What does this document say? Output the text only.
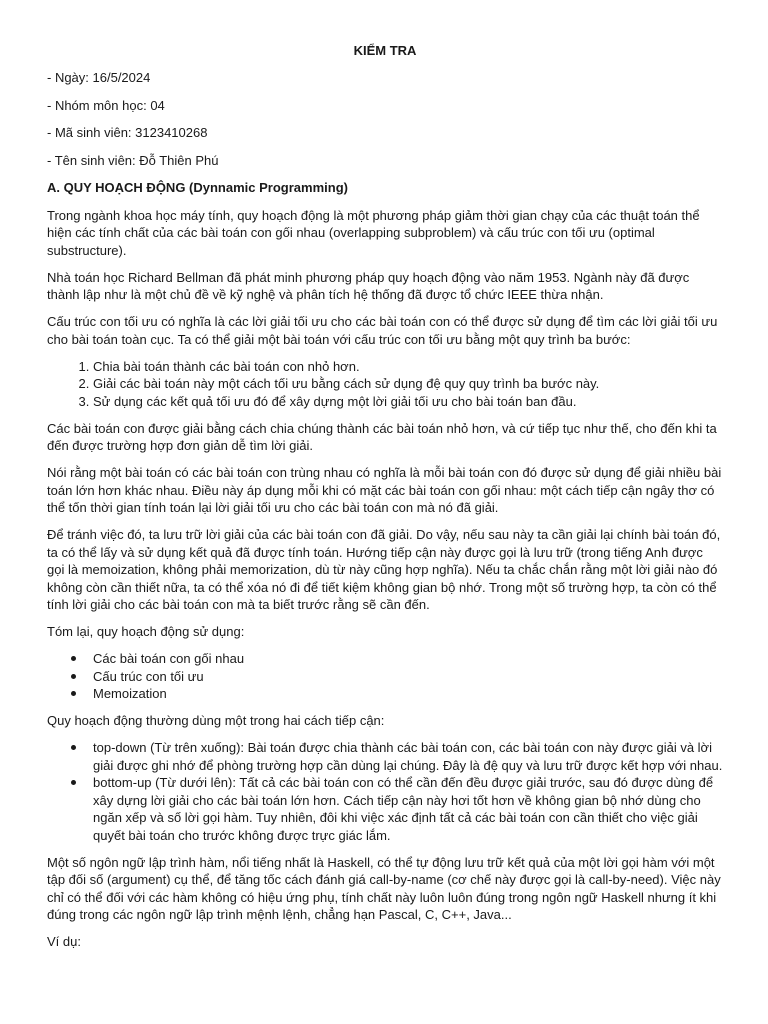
KIỂM TRA

- Ngày: 16/5/2024

- Nhóm môn học: 04

- Mã sinh viên: 3123410268

- Tên sinh viên: Đỗ Thiên Phú

A. QUY HOẠCH ĐỘNG (Dynnamic Programming)

Trong ngành khoa học máy tính, quy hoạch động là một phương pháp giảm thời gian chạy của các thuật toán thể hiện các tính chất của các bài toán con gối nhau (overlapping subproblem) và cấu trúc con tối ưu (optimal substructure).

Nhà toán học Richard Bellman đã phát minh phương pháp quy hoạch động vào năm 1953. Ngành này đã được thành lập như là một chủ đề về kỹ nghệ và phân tích hệ thống đã được tổ chức IEEE thừa nhận.

Cấu trúc con tối ưu có nghĩa là các lời giải tối ưu cho các bài toán con có thể được sử dụng để tìm các lời giải tối ưu cho bài toán toàn cục. Ta có thể giải một bài toán với cấu trúc con tối ưu bằng một quy trình ba bước:

1. Chia bài toán thành các bài toán con nhỏ hơn.
2. Giải các bài toán này một cách tối ưu bằng cách sử dụng đệ quy quy trình ba bước này.
3. Sử dụng các kết quả tối ưu đó để xây dựng một lời giải tối ưu cho bài toán ban đầu.

Các bài toán con được giải bằng cách chia chúng thành các bài toán nhỏ hơn, và cứ tiếp tục như thế, cho đến khi ta đến được trường hợp đơn giản dễ tìm lời giải.

Nói rằng một bài toán có các bài toán con trùng nhau có nghĩa là mỗi bài toán con đó được sử dụng để giải nhiều bài toán lớn hơn khác nhau. Điều này áp dụng mỗi khi có mặt các bài toán con gối nhau: một cách tiếp cận ngây thơ có thể tốn thời gian tính toán lại lời giải tối ưu cho các bài toán con mà nó đã giải.

Để tránh việc đó, ta lưu trữ lời giải của các bài toán con đã giải. Do vậy, nếu sau này ta cần giải lại chính bài toán đó, ta có thể lấy và sử dụng kết quả đã được tính toán. Hướng tiếp cận này được gọi là lưu trữ (trong tiếng Anh được gọi là memoization, không phải memorization, dù từ này cũng hợp nghĩa). Nếu ta chắc chắn rằng một lời giải nào đó không còn cần thiết nữa, ta có thể xóa nó đi để tiết kiệm không gian bộ nhớ. Trong một số trường hợp, ta còn có thể tính lời giải cho các bài toán con mà ta biết trước rằng sẽ cần đến.

Tóm lại, quy hoạch động sử dụng:

Các bài toán con gối nhau
Cấu trúc con tối ưu
Memoization

Quy hoạch động thường dùng một trong hai cách tiếp cận:

top-down (Từ trên xuống): Bài toán được chia thành các bài toán con, các bài toán con này được giải và lời giải được ghi nhớ để phòng trường hợp cần dùng lại chúng. Đây là đệ quy và lưu trữ được kết hợp với nhau.
bottom-up (Từ dưới lên): Tất cả các bài toán con có thể cần đến đều được giải trước, sau đó được dùng để xây dựng lời giải cho các bài toán lớn hơn. Cách tiếp cận này hơi tốt hơn về không gian bộ nhớ dùng cho ngăn xếp và số lời gọi hàm. Tuy nhiên, đôi khi việc xác định tất cả các bài toán con cần thiết cho việc giải quyết bài toán cho trước không được trực giác lắm.

Một số ngôn ngữ lập trình hàm, nổi tiếng nhất là Haskell, có thể tự động lưu trữ kết quả của một lời gọi hàm với một tập đối số (argument) cụ thể, để tăng tốc cách đánh giá call-by-name (cơ chế này được gọi là call-by-need). Việc này chỉ có thể đối với các hàm không có hiệu ứng phụ, tính chất này luôn luôn đúng trong ngôn ngữ Haskell nhưng ít khi đúng trong các ngôn ngữ lập trình mệnh lệnh, chẳng hạn Pascal, C, C++, Java...

Ví dụ:
